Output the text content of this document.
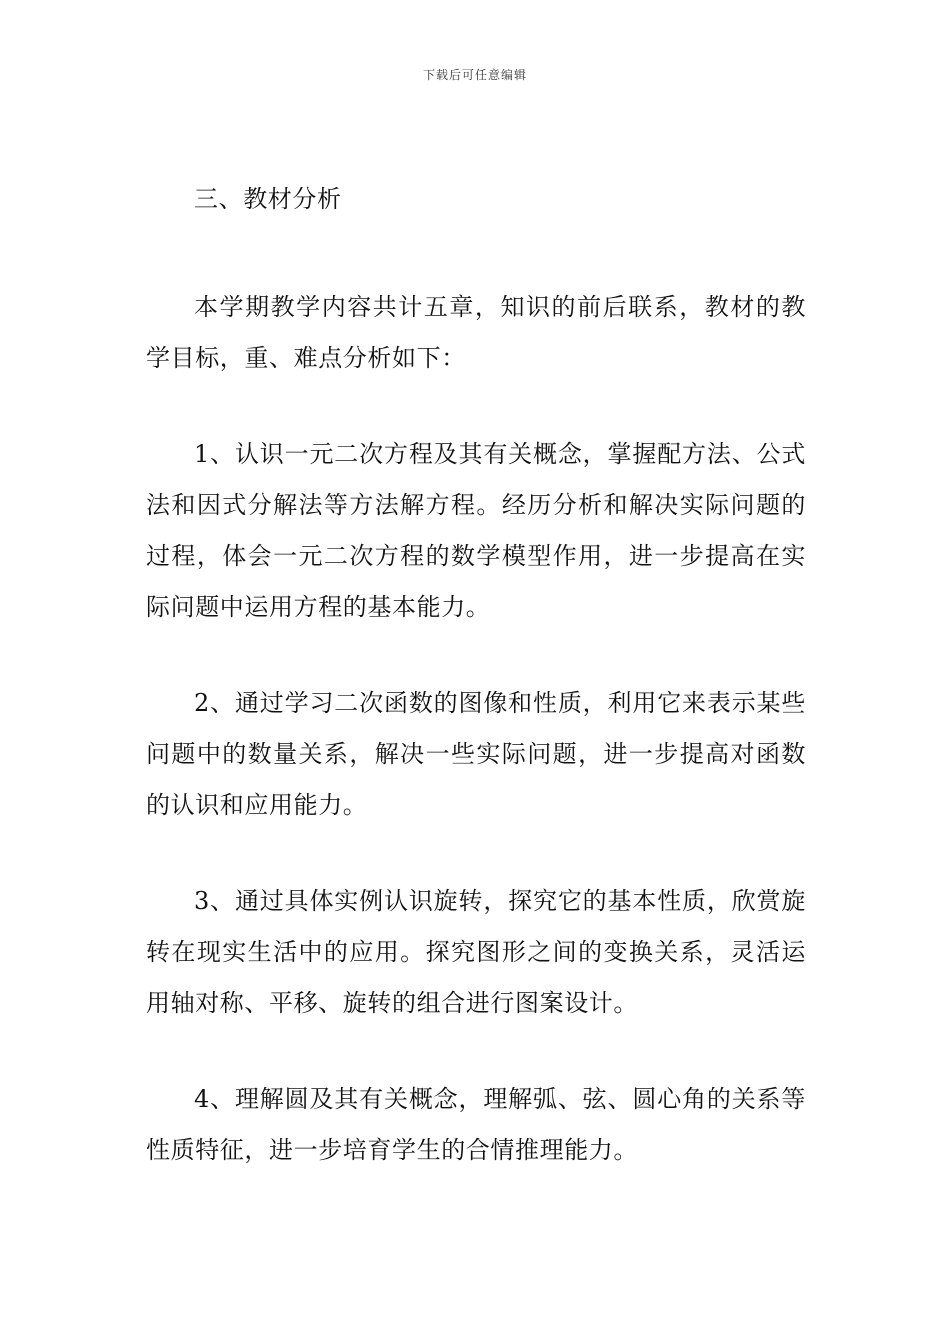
下载后可任意编辑

三、教材分析

本学期教学内容共计五章，知识的前后联系，教材的教学目标，重、难点分析如下：

1、认识一元二次方程及其有关概念，掌握配方法、公式法和因式分解法等方法解方程。经历分析和解决实际问题的过程，体会一元二次方程的数学模型作用，进一步提高在实际问题中运用方程的基本能力。

2、通过学习二次函数的图像和性质，利用它来表示某些问题中的数量关系，解决一些实际问题，进一步提高对函数的认识和应用能力。

3、通过具体实例认识旋转，探究它的基本性质，欣赏旋转在现实生活中的应用。探究图形之间的变换关系，灵活运用轴对称、平移、旋转的组合进行图案设计。

4、理解圆及其有关概念，理解弧、弦、圆心角的关系等性质特征，进一步培育学生的合情推理能力。
